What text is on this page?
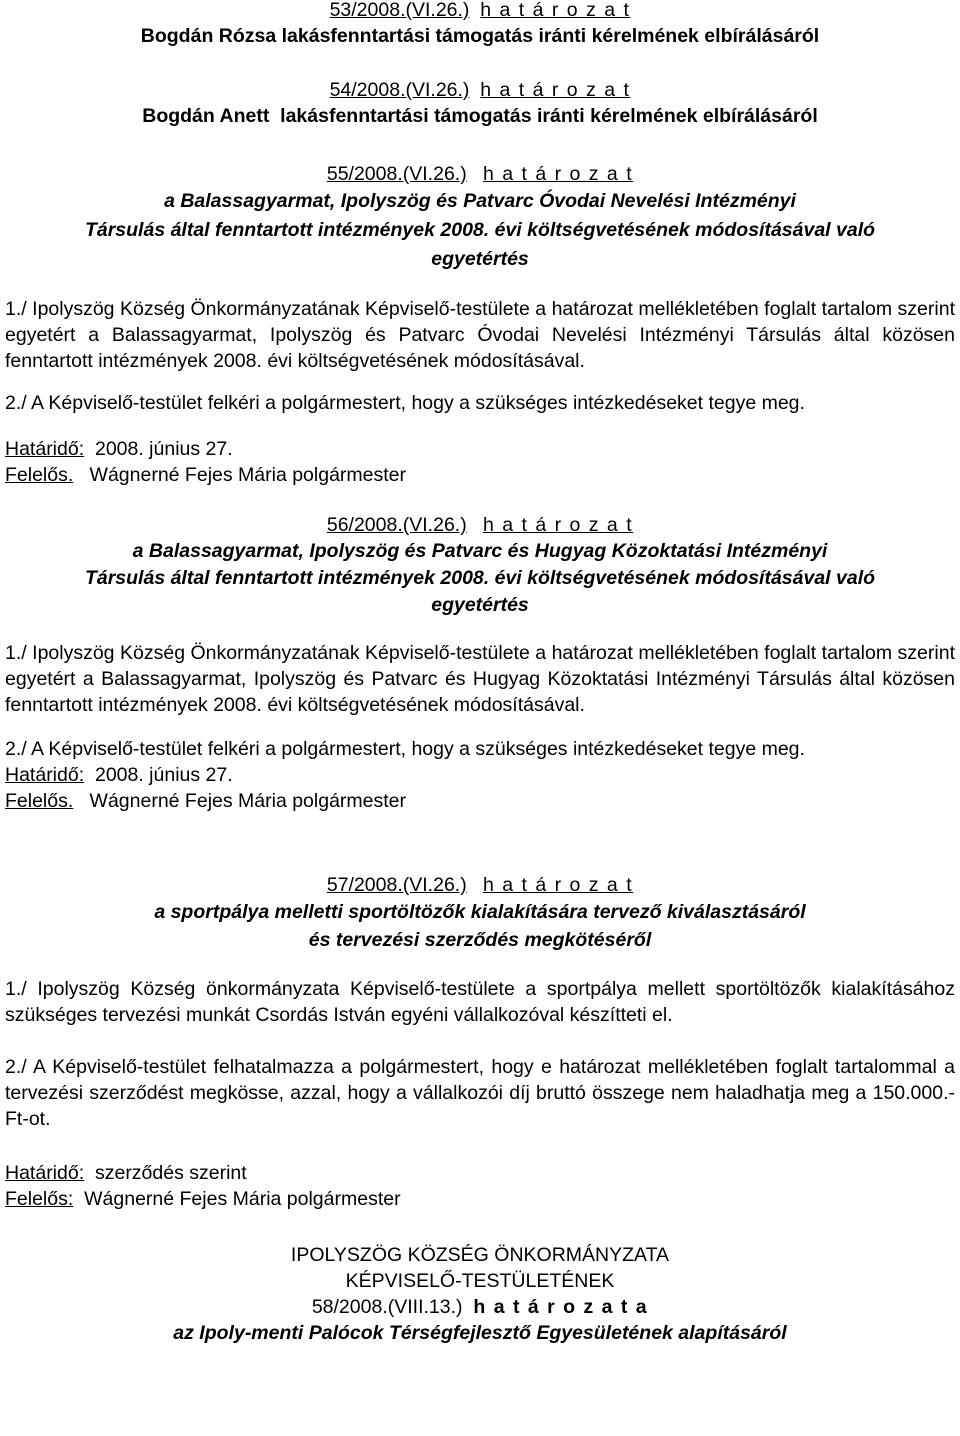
53/2008.(VI.26.) h a t á r o z a t
Bogdán Rózsa lakásfenntartási támogatás iránti kérelmének elbírálásáról
54/2008.(VI.26.) h a t á r o z a t
Bogdán Anett  lakásfenntartási támogatás iránti kérelmének elbírálásáról
55/2008.(VI.26.) h a t á r o z a t
a Balassagyarmat, Ipolyszög és Patvarc Óvodai Nevelési Intézményi
Társulás által fenntartott intézmények 2008. évi költségvetésének módosításával való
egyetértés
1./ Ipolyszög Község Önkormányzatának Képviselő-testülete a határozat mellékletében foglalt tartalom szerint egyetért a Balassagyarmat, Ipolyszög és Patvarc Óvodai Nevelési Intézményi Társulás által közösen fenntartott intézmények 2008. évi költségvetésének módosításával.
2./ A Képviselő-testület felkéri a polgármestert, hogy a szükséges intézkedéseket tegye meg.
Határidő: 2008. június 27.
Felelős. Wágnerné Fejes Mária polgármester
56/2008.(VI.26.) h a t á r o z a t
a Balassagyarmat, Ipolyszög és Patvarc és Hugyag Közoktatási Intézményi
Társulás által fenntartott intézmények 2008. évi költségvetésének módosításával való
egyetértés
1./ Ipolyszög Község Önkormányzatának Képviselő-testülete a határozat mellékletében foglalt tartalom szerint egyetért a Balassagyarmat, Ipolyszög és Patvarc és Hugyag Közoktatási Intézményi Társulás által közösen fenntartott intézmények 2008. évi költségvetésének módosításával.
2./ A Képviselő-testület felkéri a polgármestert, hogy a szükséges intézkedéseket tegye meg.
Határidő: 2008. június 27.
Felelős. Wágnerné Fejes Mária polgármester
57/2008.(VI.26.) h a t á r o z a t
a sportpálya melletti sportöltözők kialakítására tervező kiválasztásáról
és tervezési szerződés megkötéséről
1./ Ipolyszög Község önkormányzata Képviselő-testülete a sportpálya mellett sportöltözők kialakításához szükséges tervezési munkát Csordás István egyéni vállalkozóval készítteti el.
2./ A Képviselő-testület felhatalmazza a polgármestert, hogy e határozat mellékletében foglalt tartalommal a tervezési szerződést megkösse, azzal, hogy a vállalkozói díj bruttó összege nem haladhatja meg a 150.000.-Ft-ot.
Határidő: szerződés szerint
Felelős: Wágnerné Fejes Mária polgármester
IPOLYSZÖG KÖZSÉG ÖNKORMÁNYZATA
KÉPVISELŐ-TESTÜLETÉNEK
58/2008.(VIII.13.) h a t á r o z a t a
az Ipoly-menti Palócok Térségfejlesztő Egyesületének alapításáról
